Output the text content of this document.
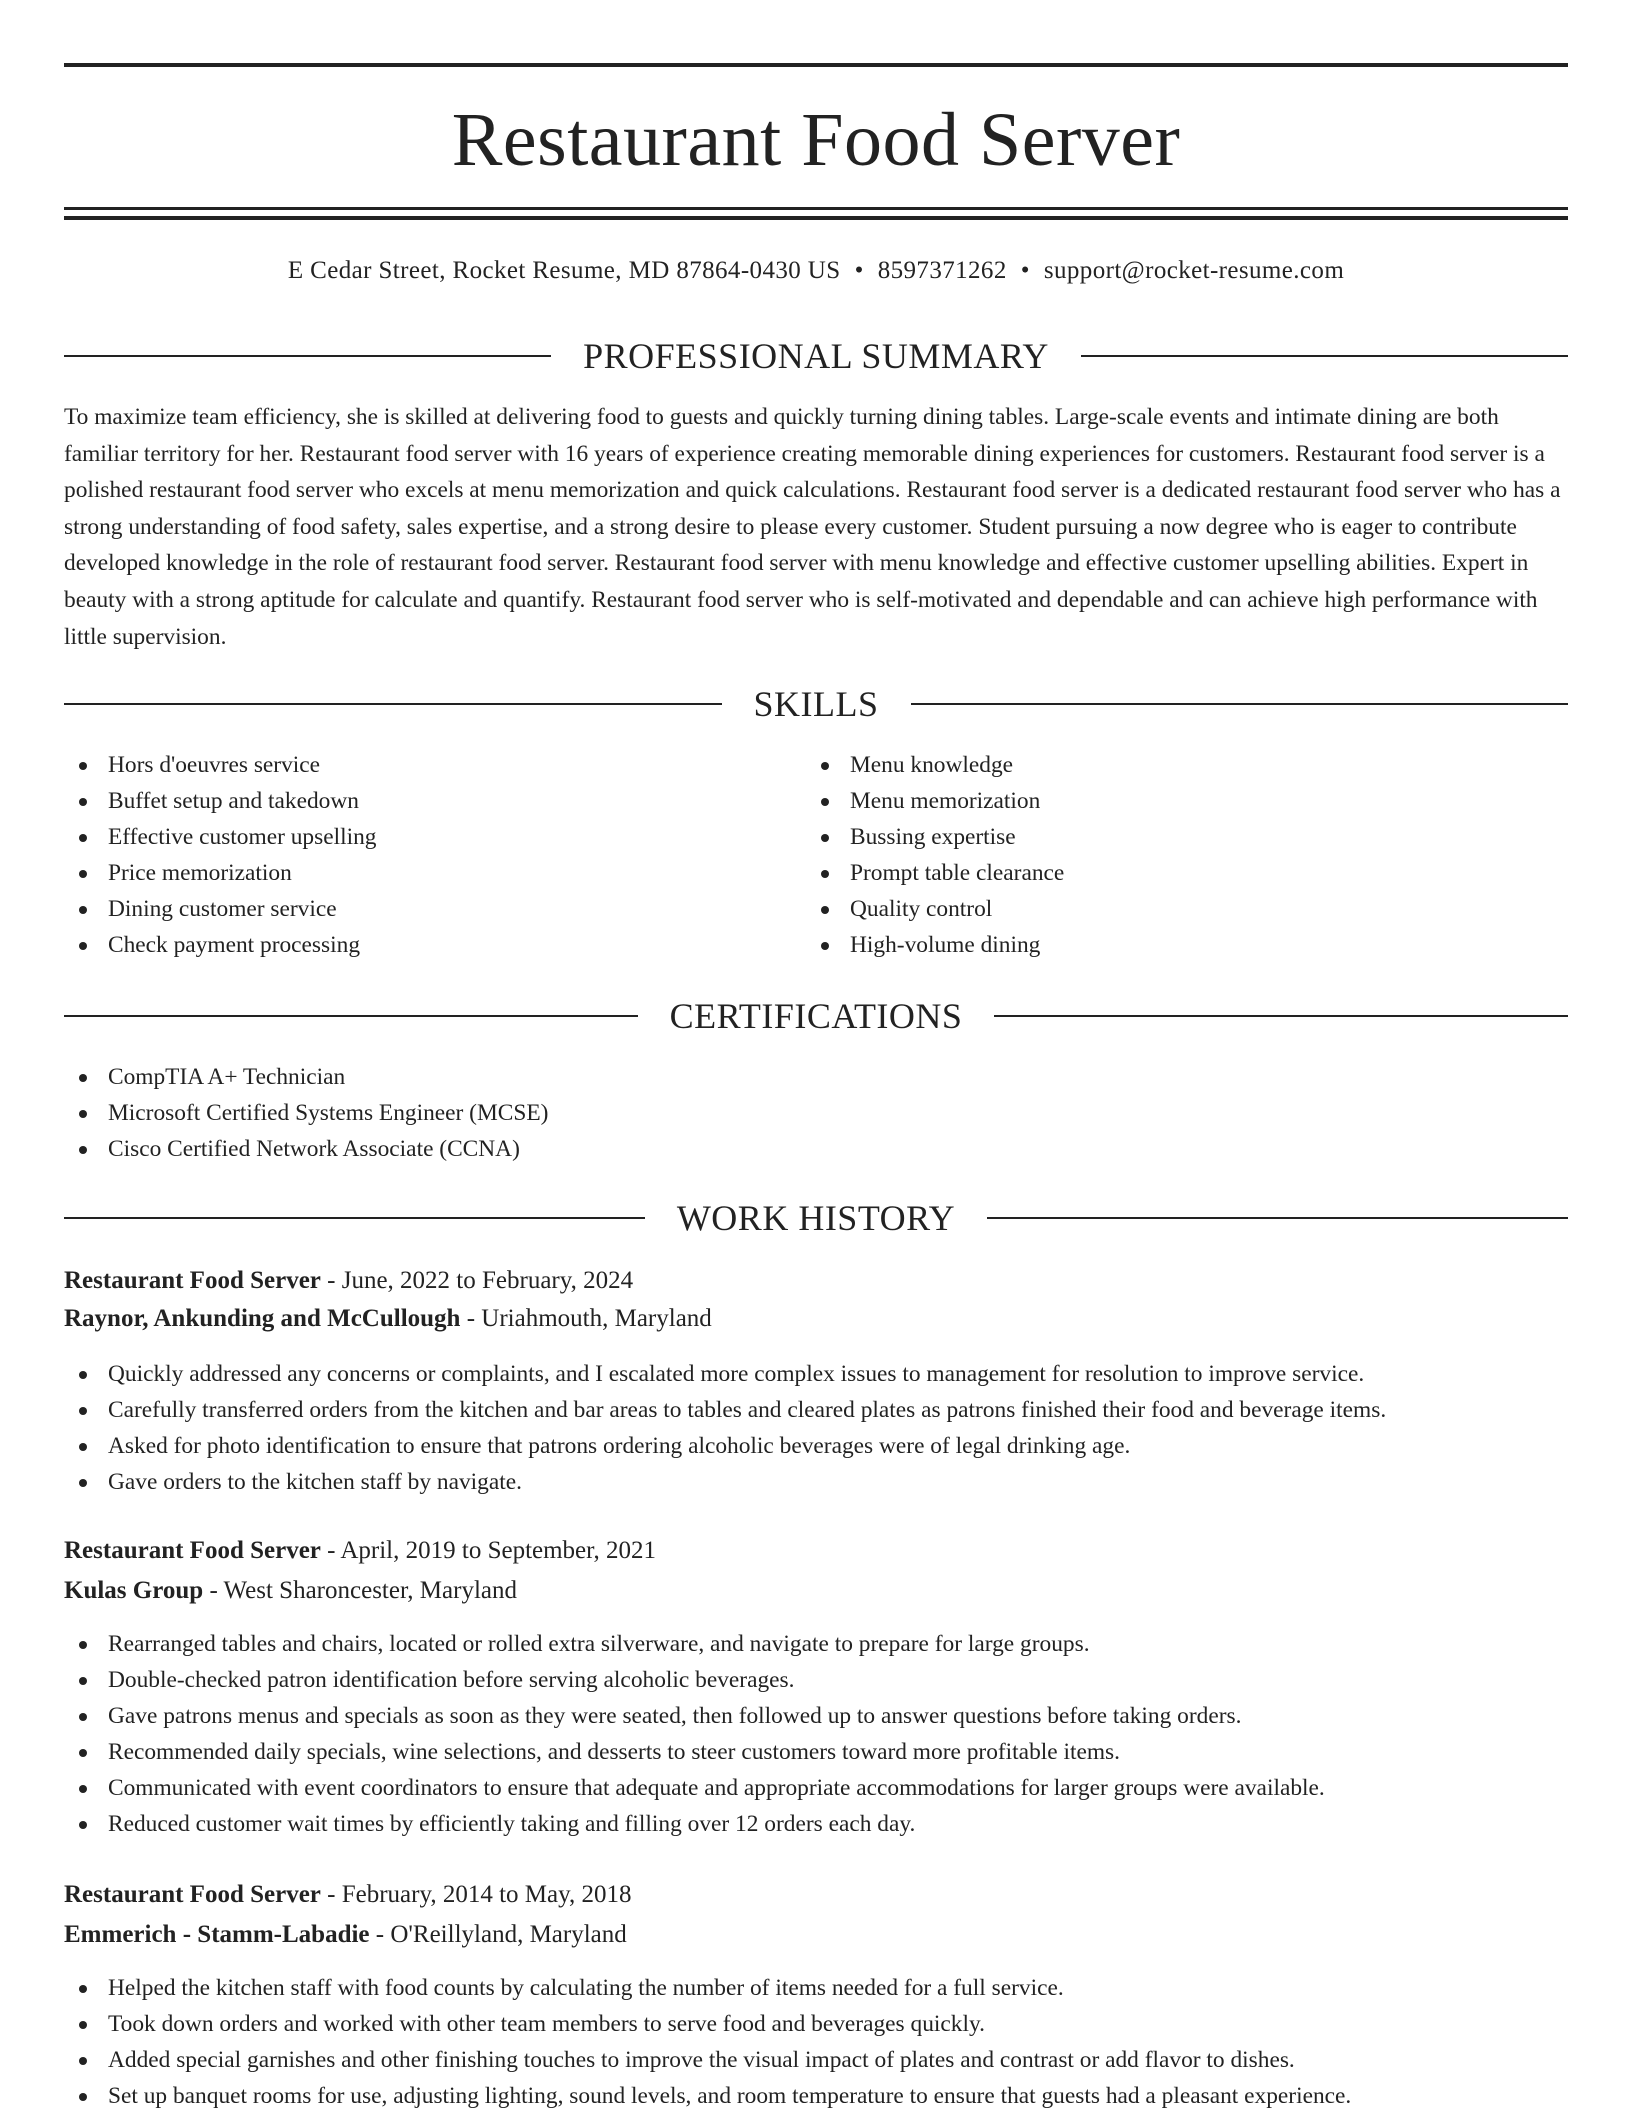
Restaurant Food Server
E Cedar Street, Rocket Resume, MD 87864-0430 US • 8597371262 • support@rocket-resume.com
PROFESSIONAL SUMMARY

To maximize team efficiency, she is skilled at delivering food to guests and quickly turning dining tables. Large-scale events and intimate dining are both familiar territory for her. Restaurant food server with 16 years of experience creating memorable dining experiences for customers. Restaurant food server is a polished restaurant food server who excels at menu memorization and quick calculations. Restaurant food server is a dedicated restaurant food server who has a strong understanding of food safety, sales expertise, and a strong desire to please every customer. Student pursuing a now degree who is eager to contribute developed knowledge in the role of restaurant food server. Restaurant food server with menu knowledge and effective customer upselling abilities. Expert in beauty with a strong aptitude for calculate and quantify. Restaurant food server who is self-motivated and dependable and can achieve high performance with little supervision.

SKILLS
Hors d'oeuvres service
Buffet setup and takedown
Effective customer upselling
Price memorization
Dining customer service
Check payment processing
Menu knowledge
Menu memorization
Bussing expertise
Prompt table clearance
Quality control
High-volume dining
CERTIFICATIONS
CompTIA A+ Technician
Microsoft Certified Systems Engineer (MCSE)
Cisco Certified Network Associate (CCNA)
WORK HISTORY
Restaurant Food Server - June, 2022 to February, 2024
Raynor, Ankunding and McCullough - Uriahmouth, Maryland
Quickly addressed any concerns or complaints, and I escalated more complex issues to management for resolution to improve service.
Carefully transferred orders from the kitchen and bar areas to tables and cleared plates as patrons finished their food and beverage items.
Asked for photo identification to ensure that patrons ordering alcoholic beverages were of legal drinking age.
Gave orders to the kitchen staff by navigate.
Restaurant Food Server - April, 2019 to September, 2021
Kulas Group - West Sharoncester, Maryland
Rearranged tables and chairs, located or rolled extra silverware, and navigate to prepare for large groups.
Double-checked patron identification before serving alcoholic beverages.
Gave patrons menus and specials as soon as they were seated, then followed up to answer questions before taking orders.
Recommended daily specials, wine selections, and desserts to steer customers toward more profitable items.
Communicated with event coordinators to ensure that adequate and appropriate accommodations for larger groups were available.
Reduced customer wait times by efficiently taking and filling over 12 orders each day.
Restaurant Food Server - February, 2014 to May, 2018
Emmerich - Stamm-Labadie - O'Reillyland, Maryland
Helped the kitchen staff with food counts by calculating the number of items needed for a full service.
Took down orders and worked with other team members to serve food and beverages quickly.
Added special garnishes and other finishing touches to improve the visual impact of plates and contrast or add flavor to dishes.
Set up banquet rooms for use, adjusting lighting, sound levels, and room temperature to ensure that guests had a pleasant experience.
